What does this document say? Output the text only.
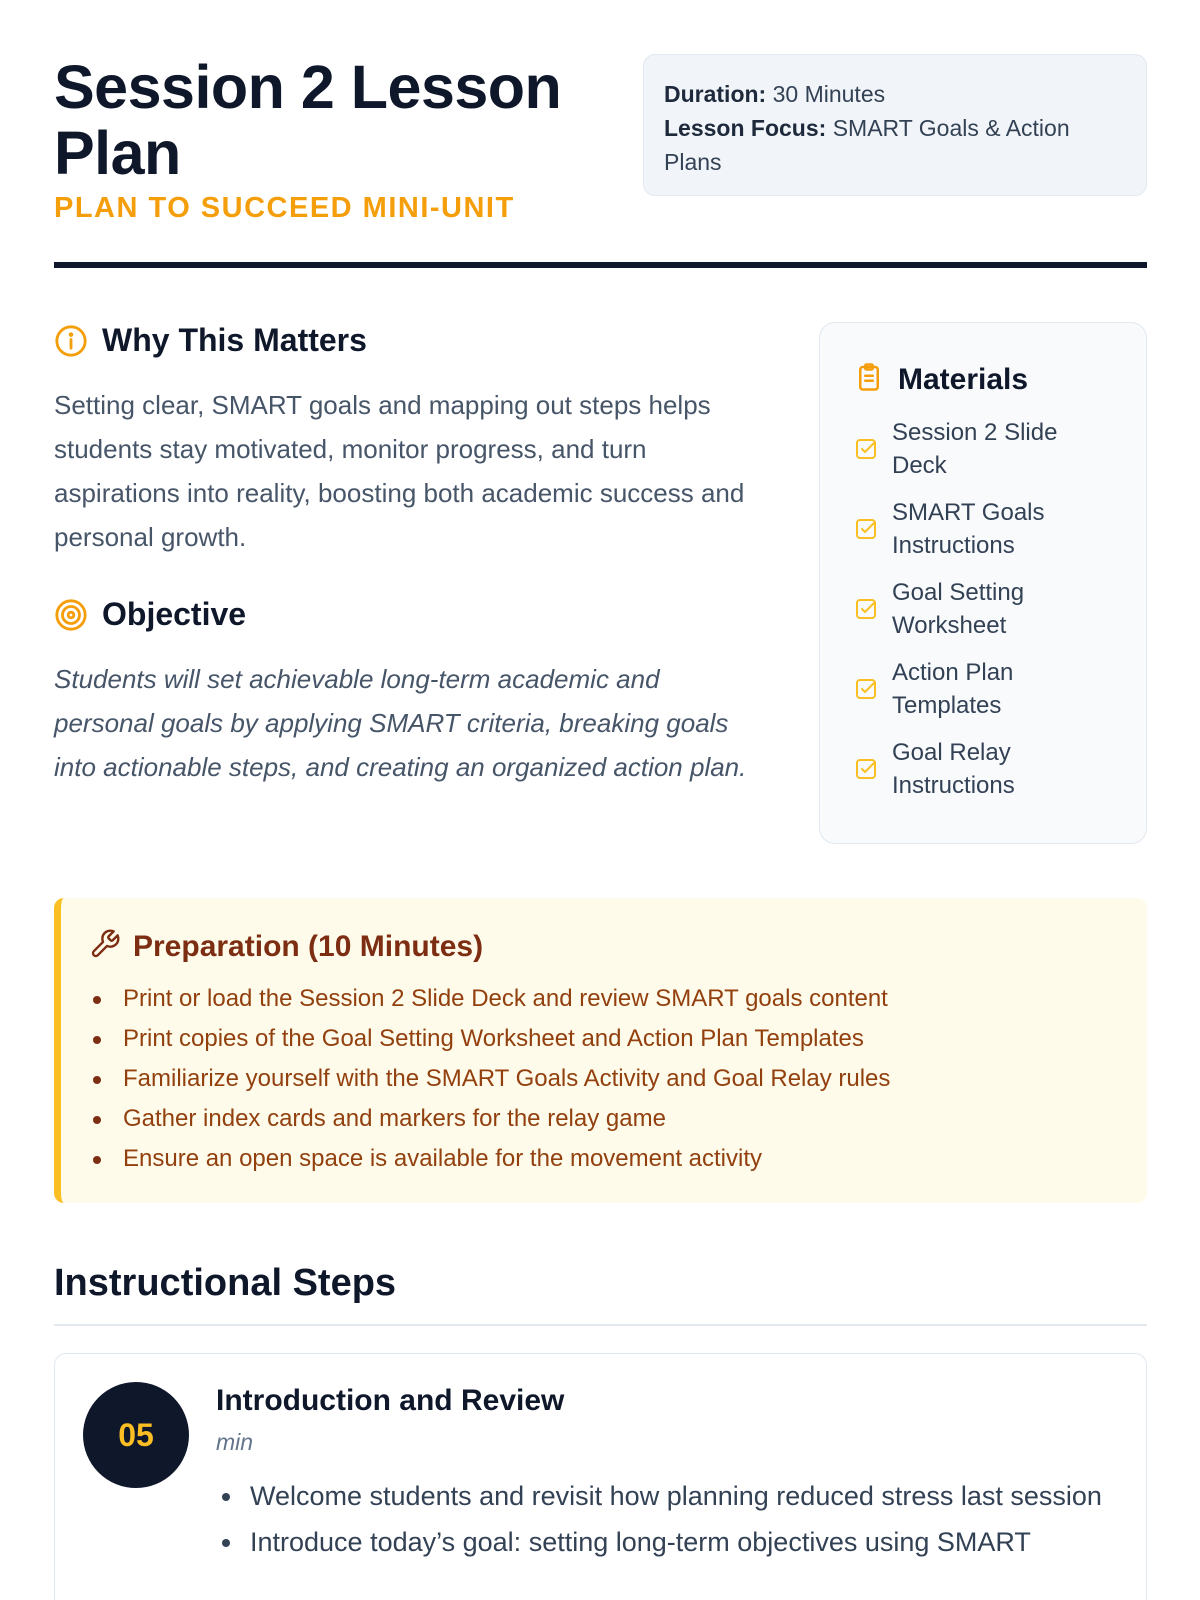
Session 2 Lesson Plan
PLAN TO SUCCEED MINI-UNIT
Duration: 30 Minutes
Lesson Focus: SMART Goals & Action Plans
Why This Matters

Setting clear, SMART goals and mapping out steps helps students stay motivated, monitor progress, and turn aspirations into reality, boosting both academic success and personal growth.

Objective

Students will set achievable long-term academic and personal goals by applying SMART criteria, breaking goals into actionable steps, and creating an organized action plan.

Materials
Session 2 Slide Deck
SMART Goals Instructions
Goal Setting Worksheet
Action Plan Templates
Goal Relay Instructions
Preparation (10 Minutes)
Print or load the Session 2 Slide Deck and review SMART goals content
Print copies of the Goal Setting Worksheet and Action Plan Templates
Familiarize yourself with the SMART Goals Activity and Goal Relay rules
Gather index cards and markers for the relay game
Ensure an open space is available for the movement activity
Instructional Steps
05
Introduction and Review
min
Welcome students and revisit how planning reduced stress last session
Introduce today’s goal: setting long-term objectives using SMART
